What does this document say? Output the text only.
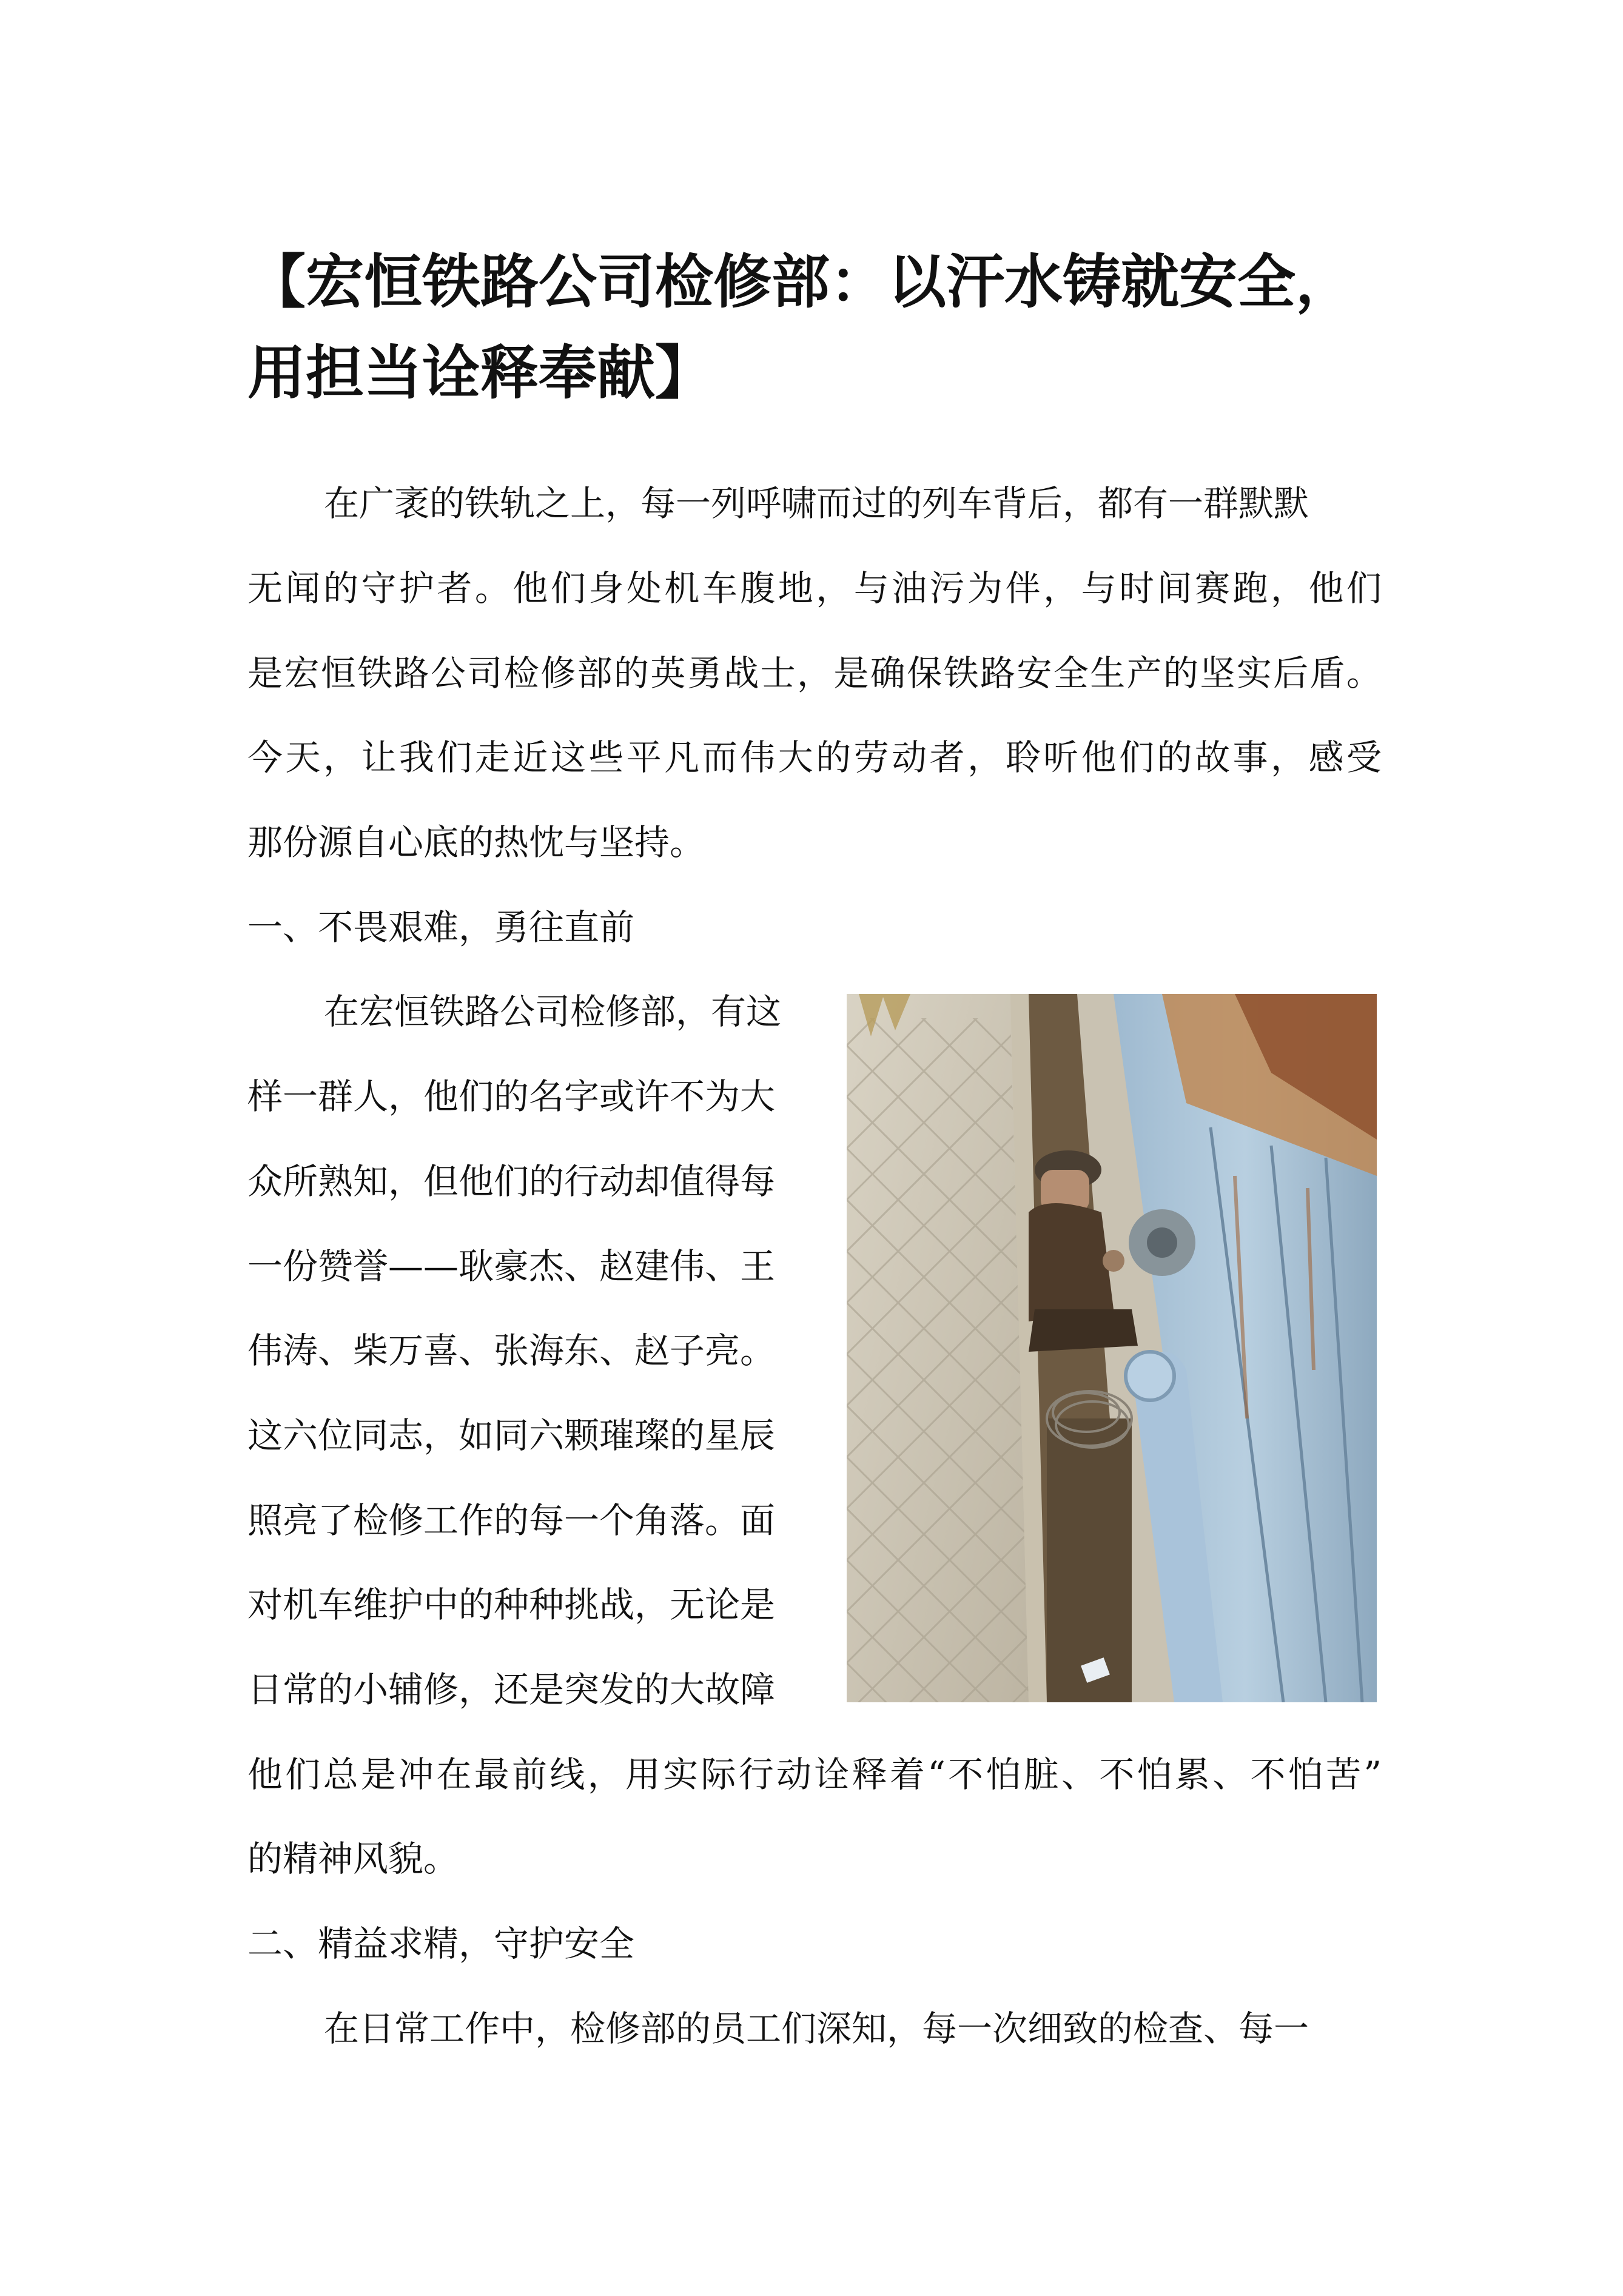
【宏恒铁路公司检修部：以汗水铸就安全，
用担当诠释奉献】
在广袤的铁轨之上，每一列呼啸而过的列车背后，都有一群默默
无闻的守护者。他们身处机车腹地，与油污为伴，与时间赛跑，他们
是宏恒铁路公司检修部的英勇战士，是确保铁路安全生产的坚实后盾。
今天，让我们走近这些平凡而伟大的劳动者，聆听他们的故事，感受
那份源自心底的热忱与坚持。
一、不畏艰难，勇往直前
在宏恒铁路公司检修部，有这
样一群人，他们的名字或许不为大
众所熟知，但他们的行动却值得每
一份赞誉——耿豪杰、赵建伟、王
伟涛、柴万喜、张海东、赵子亮。
这六位同志，如同六颗璀璨的星辰
照亮了检修工作的每一个角落。面
对机车维护中的种种挑战，无论是
日常的小辅修，还是突发的大故障
他们总是冲在最前线，用实际行动诠释着“不怕脏、不怕累、不怕苦”
的精神风貌。
二、精益求精，守护安全
在日常工作中，检修部的员工们深知，每一次细致的检查、每一
